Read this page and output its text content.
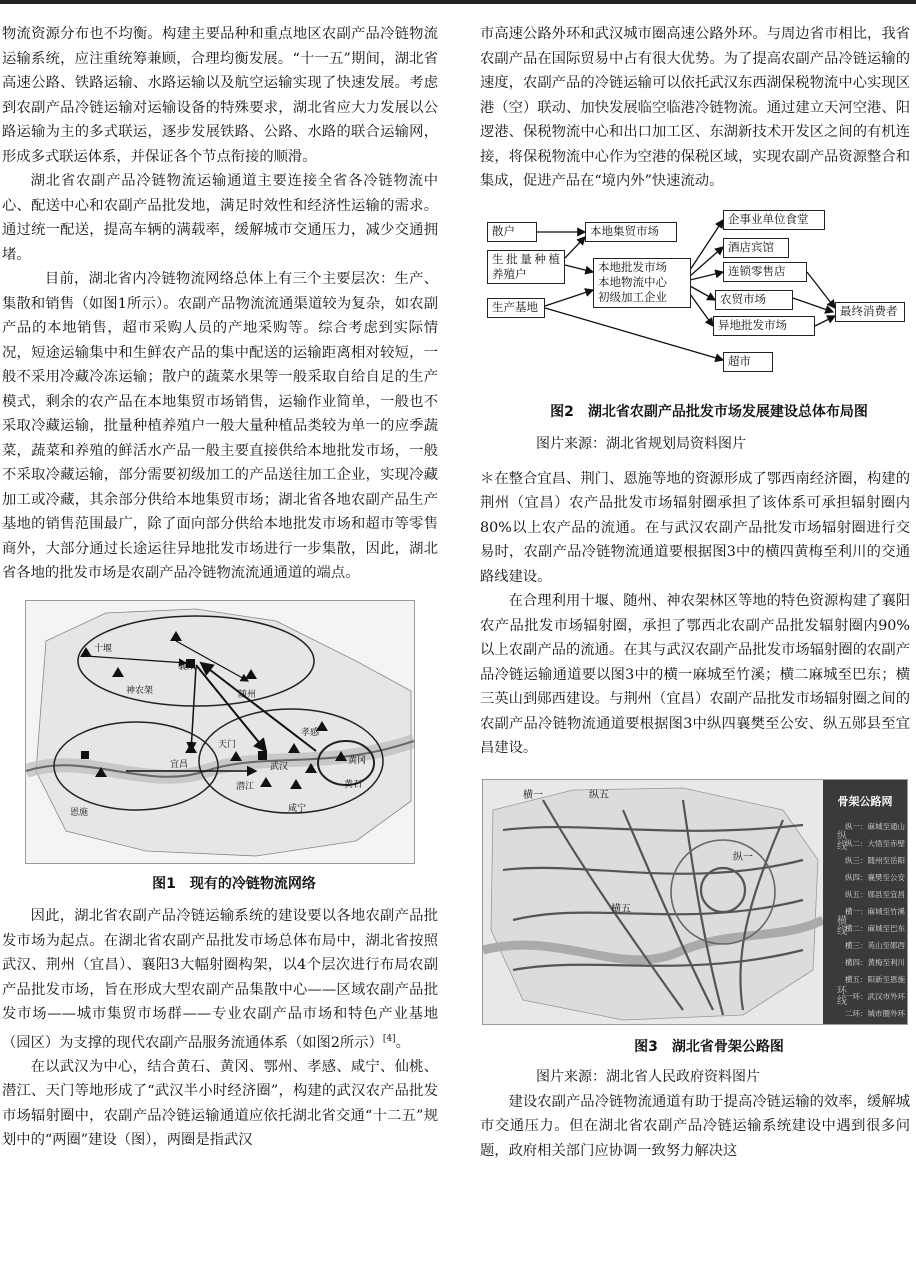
物流资源分布也不均衡。构建主要品种和重点地区农副产品冷链物流运输系统，应注重统筹兼顾，合理均衡发展。“十一五”期间，湖北省高速公路、铁路运输、水路运输以及航空运输实现了快速发展。考虑到农副产品冷链运输对运输设备的特殊要求，湖北省应大力发展以公路运输为主的多式联运，逐步发展铁路、公路、水路的联合运输网，形成多式联运体系，并保证各个节点衔接的顺滑。

湖北省农副产品冷链物流运输通道主要连接全省各冷链物流中心、配送中心和农副产品批发地，满足时效性和经济性运输的需求。通过统一配送，提高车辆的满载率，缓解城市交通压力，减少交通拥堵。

目前，湖北省内冷链物流网络总体上有三个主要层次：生产、集散和销售（如图1所示）。农副产品物流流通渠道较为复杂，如农副产品的本地销售，超市采购人员的产地采购等。综合考虑到实际情况，短途运输集中和生鲜农产品的集中配送的运输距离相对较短，一般不采用冷藏冷冻运输；散户的蔬菜水果等一般采取自给自足的生产模式，剩余的农产品在本地集贸市场销售，运输作业简单，一般也不采取冷藏运输，批量种植养殖户一般大量种植品类较为单一的应季蔬菜，蔬菜和养殖的鲜活水产品一般主要直接供给本地批发市场，一般不采取冷藏运输，部分需要初级加工的产品送往加工企业，实现冷藏加工或冷藏，其余部分供给本地集贸市场；湖北省各地农副产品生产基地的销售范围最广，除了面向部分供给本地批发市场和超市等零售商外，大部分通过长途运往异地批发市场进行一步集散，因此，湖北省各地的批发市场是农副产品冷链物流流通通道的端点。

十堰
神农架
襄阳
随州
宜昌
天门
孝感
恩施
潜江
武汉
黄石
咸宁
黄冈

图1　现有的冷链物流网络

因此，湖北省农副产品冷链运输系统的建设要以各地农副产品批发市场为起点。在湖北省农副产品批发市场总体布局中，湖北省按照武汉、荆州（宜昌）、襄阳3大幅射圈构架，以4个层次进行布局农副产品批发市场，旨在形成大型农副产品集散中心——区域农副产品批发市场——城市集贸市场群——专业农副产品市场和特色产业基地（园区）为支撑的现代农副产品服务流通体系（如图2所示）[4]。

在以武汉为中心，结合黄石、黄冈、鄂州、孝感、咸宁、仙桃、潜江、天门等地形成了“武汉半小时经济圈”，构建的武汉农产品批发市场辐射圈中，农副产品冷链运输通道应依托湖北省交通“十二五”规划中的“两圈”建设（图），两圈是指武汉

市高速公路外环和武汉城市圈高速公路外环。与周边省市相比，我省农副产品在国际贸易中占有很大优势。为了提高农副产品冷链运输的速度，农副产品的冷链运输可以依托武汉东西湖保税物流中心实现区港（空）联动、加快发展临空临港冷链物流。通过建立天河空港、阳逻港、保税物流中心和出口加工区、东湖新技术开发区之间的有机连接，将保税物流中心作为空港的保税区域，实现农副产品资源整合和集成，促进产品在“境内外”快速流动。

散户
生批量种植养殖户
生产基地
本地集贸市场
本地批发市场
本地物流中心
初级加工企业
企事业单位食堂
酒店宾馆
连锁零售店
农贸市场
异地批发市场
超市
最终消费者

图2　湖北省农副产品批发市场发展建设总体布局图

图片来源：湖北省规划局资料图片

＊在整合宜昌、荆门、恩施等地的资源形成了鄂西南经济圈，构建的荆州（宜昌）农产品批发市场辐射圈承担了该体系可承担辐射圈内80%以上农产品的流通。在与武汉农副产品批发市场辐射圈进行交易时，农副产品冷链物流通道要根据图3中的横四黄梅至利川的交通路线建设。

在合理利用十堰、随州、神农架林区等地的特色资源构建了襄阳农产品批发市场辐射圈，承担了鄂西北农副产品批发辐射圈内90%以上农副产品的流通。在其与武汉农副产品批发市场辐射圈的农副产品冷链运输通道要以图3中的横一麻城至竹溪；横二麻城至巴东；横三英山到郧西建设。与荆州（宜昌）农副产品批发市场辐射圈之间的农副产品冷链物流通道要根据图3中纵四襄樊至公安、纵五郧县至宜昌建设。

横一	纵五
纵一
横五
骨架公路网
纵一：麻城至通山
纵二：大悟至赤壁
纵三：随州至岳阳
纵四：襄樊至公安
纵五：郧县至宜昌
横一：麻城至竹溪
横二：麻城至巴东
横三：英山至郧西
横四：黄梅至利川
横五：阳新至恩施
一环：武汉市外环
二环：城市圈外环
纵线
横线
环线

图3　湖北省骨架公路图

图片来源：湖北省人民政府资料图片

建设农副产品冷链物流通道有助于提高冷链运输的效率，缓解城市交通压力。但在湖北省农副产品冷链运输系统建设中遇到很多问题，政府相关部门应协调一致努力解决这
